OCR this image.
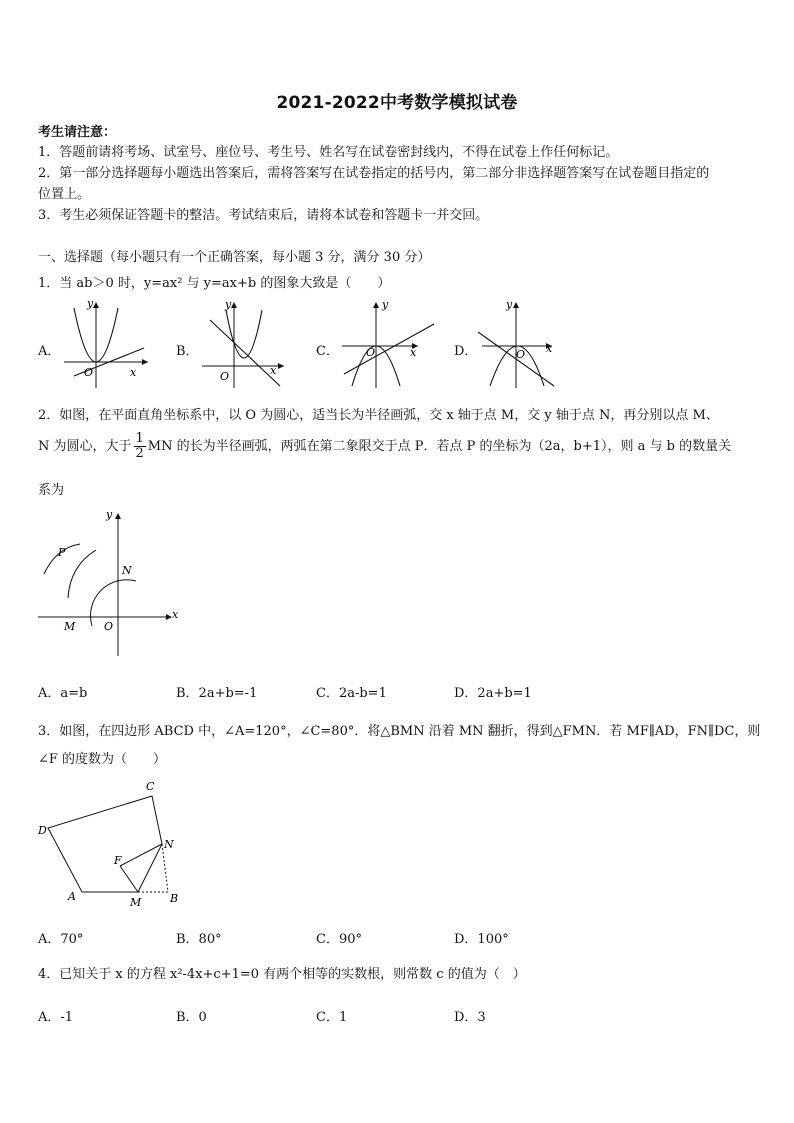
2021-2022中考数学模拟试卷
考生请注意：
1．答题前请将考场、试室号、座位号、考生号、姓名写在试卷密封线内，不得在试卷上作任何标记。
2．第一部分选择题每小题选出答案后，需将答案写在试卷指定的括号内，第二部分非选择题答案写在试卷题目指定的
位置上。
3．考生必须保证答题卡的整洁。考试结束后，请将本试卷和答题卡一并交回。
一、选择题（每小题只有一个正确答案，每小题 3 分，满分 30 分）
1．当 ab＞0 时，y=ax² 与 y=ax+b 的图象大致是（　　）
A．
y
O	x
B．
y
O	x
C．
y
O	x	D．
y
O x
2．如图，在平面直角坐标系中，以 O 为圆心，适当长为半径画弧，交 x 轴于点 M，交 y 轴于点 N，再分别以点 M、
N 为圆心，大于 $\frac{1}{2}$ MN 的长为半径画弧，两弧在第二象限交于点 P．若点 P 的坐标为（2a，b+1），则 a 与 b 的数量关
系为
y
x
P
N
M	O
A．a=b	B．2a+b=-1	C．2a-b=1	D．2a+b=1
3．如图，在四边形 ABCD 中，∠A=120°，∠C=80°．将△BMN 沿着 MN 翻折，得到△FMN．若 MF∥AD，FN∥DC，则
∠F 的度数为（　　）
C
D
N
F
A	M	B
A．70°	B．80°	C．90°	D．100°
4．已知关于 x 的方程 x²-4x+c+1=0 有两个相等的实数根，则常数 c 的值为（　）
A．-1	B．0	C．1	D．3
